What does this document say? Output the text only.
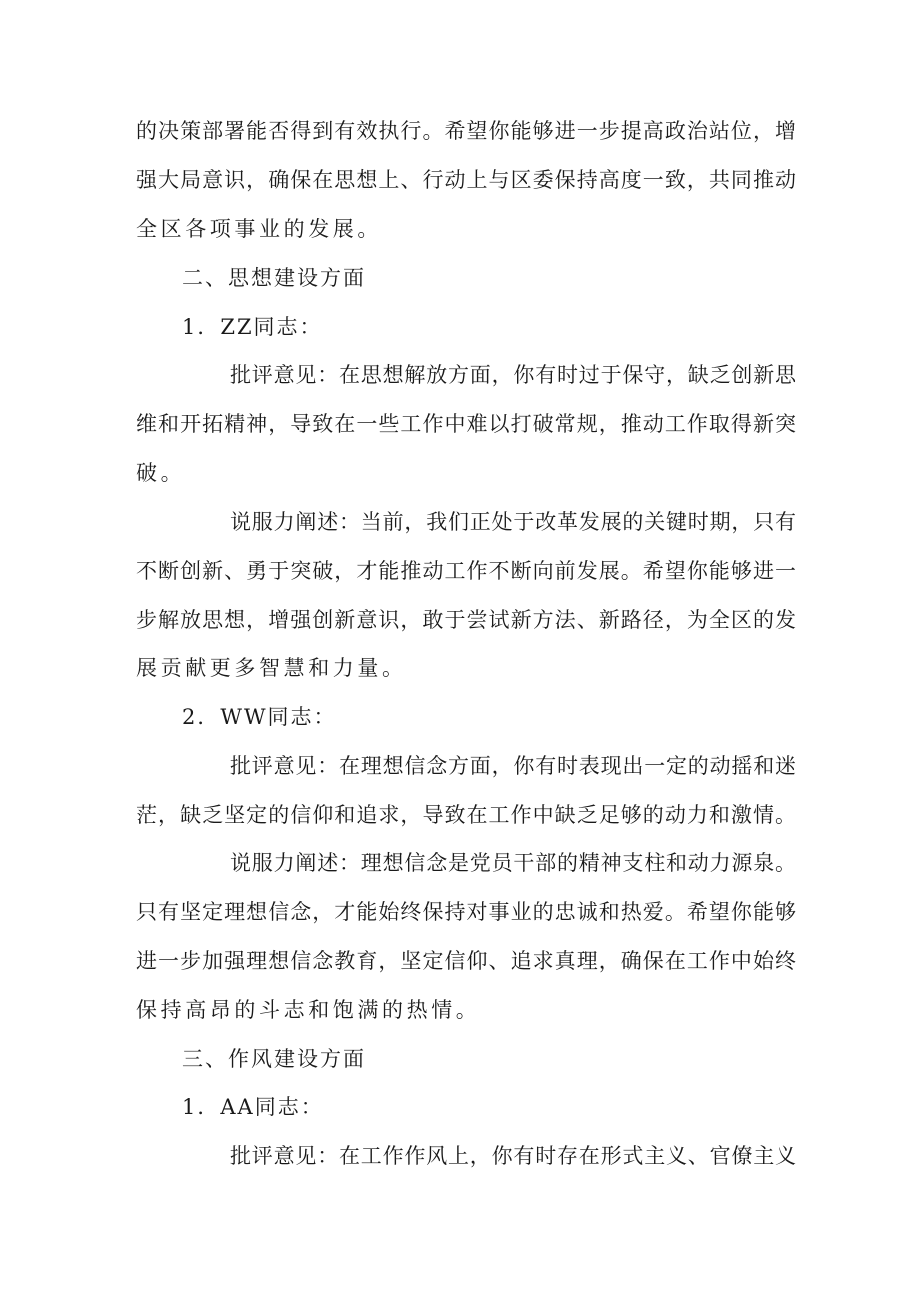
的决策部署能否得到有效执行。希望你能够进一步提高政治站位，增
强大局意识，确保在思想上、行动上与区委保持高度一致，共同推动
全区各项事业的发展。
二、思想建设方面
1．ZZ同志：
批评意见：在思想解放方面，你有时过于保守，缺乏创新思
维和开拓精神，导致在一些工作中难以打破常规，推动工作取得新突
破。
说服力阐述：当前，我们正处于改革发展的关键时期，只有
不断创新、勇于突破，才能推动工作不断向前发展。希望你能够进一
步解放思想，增强创新意识，敢于尝试新方法、新路径，为全区的发
展贡献更多智慧和力量。
2．WW同志：
批评意见：在理想信念方面，你有时表现出一定的动摇和迷
茫，缺乏坚定的信仰和追求，导致在工作中缺乏足够的动力和激情。
说服力阐述：理想信念是党员干部的精神支柱和动力源泉。
只有坚定理想信念，才能始终保持对事业的忠诚和热爱。希望你能够
进一步加强理想信念教育，坚定信仰、追求真理，确保在工作中始终
保持高昂的斗志和饱满的热情。
三、作风建设方面
1．AA同志：
批评意见：在工作作风上，你有时存在形式主义、官僚主义
